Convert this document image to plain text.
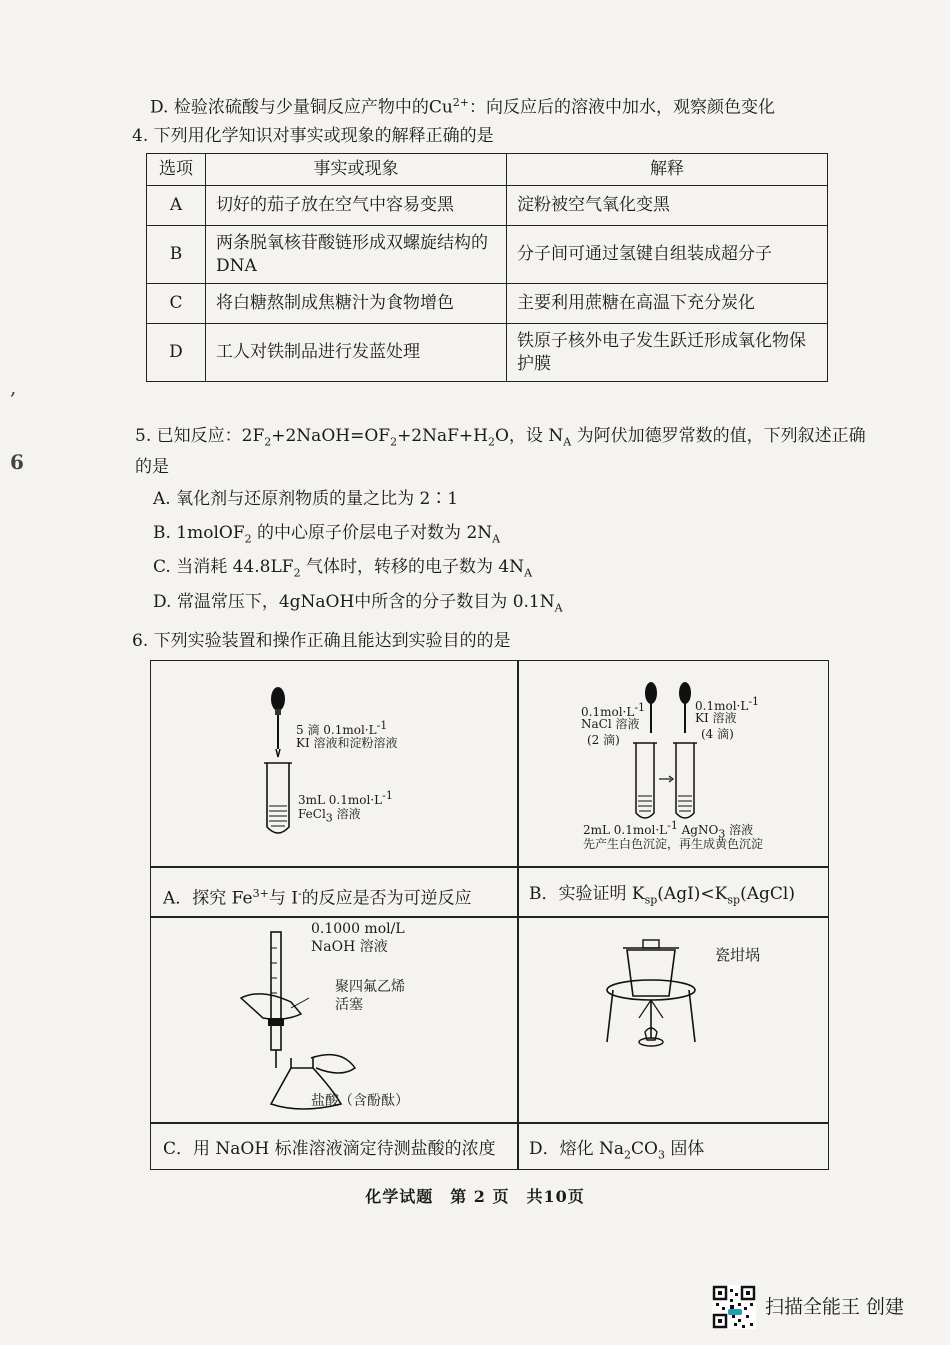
,
6
D. 检验浓硫酸与少量铜反应产物中的$Cu^{2+}$：向反应后的溶液中加水，观察颜色变化
4. 下列用化学知识对事实或现象的解释正确的是
选项	事实或现象	解释
A	切好的茄子放在空气中容易变黑	淀粉被空气氧化变黑
B	两条脱氧核苷酸链形成双螺旋结构的DNA	分子间可通过氢键自组装成超分子
C	将白糖熬制成焦糖汁为食物增色	主要利用蔗糖在高温下充分炭化
D	工人对铁制品进行发蓝处理	铁原子核外电子发生跃迁形成氧化物保护膜
5. 已知反应：$2F_2+2NaOH=OF_2+2NaF+H_2O$，设 $N_A$ 为阿伏加德罗常数的值，下列叙述正确
的是
A. 氧化剂与还原剂物质的量之比为 2∶1
B. 1molOF$_2$ 的中心原子价层电子对数为 $2N_A$
C. 当消耗 $44.8LF_2$ 气体时，转移的电子数为 $4N_A$
D. 常温常压下，4gNaOH中所含的分子数目为 $0.1N_A$
6. 下列实验装置和操作正确且能达到实验目的的是
5 滴 $0.1mol\cdot L^{-1}$
KI 溶液和淀粉溶液
3mL $0.1mol\cdot L^{-1}$
FeCl$_3$ 溶液
$0.1mol\cdot L^{-1}$
NaCl 溶液
(2 滴)
$0.1mol\cdot L^{-1}$
KI 溶液
(4 滴)
2mL $0.1mol\cdot L^{-1}$ AgNO$_3$ 溶液
先产生白色沉淀，再生成黄色沉淀
A．探究 $Fe^{3+}$与 I-的反应是否为可逆反应	B．实验证明 $K_{sp}(AgI)<K_{sp}(AgCl)$
0.1000 mol/L
NaOH 溶液
聚四氟乙烯
活塞
盐酸（含酚酞）
瓷坩埚
C．用 NaOH 标准溶液滴定待测盐酸的浓度 D．熔化 $Na_2CO_3$ 固体
化学试题　第 2 页　共10页
扫描全能王 创建
